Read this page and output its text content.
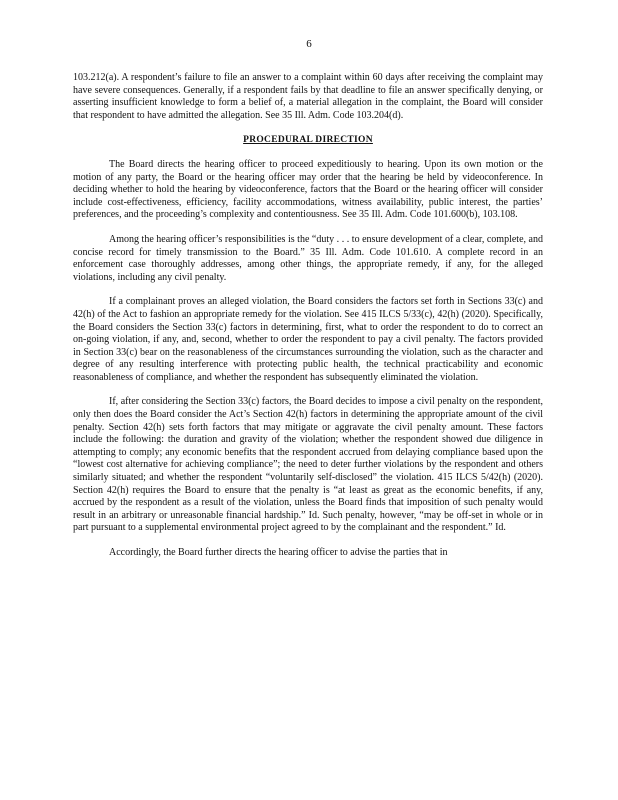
6

103.212(a). A respondent’s failure to file an answer to a complaint within 60 days after receiving the complaint may have severe consequences. Generally, if a respondent fails by that deadline to file an answer specifically denying, or asserting insufficient knowledge to form a belief of, a material allegation in the complaint, the Board will consider that respondent to have admitted the allegation. See 35 Ill. Adm. Code 103.204(d).

PROCEDURAL DIRECTION

The Board directs the hearing officer to proceed expeditiously to hearing. Upon its own motion or the motion of any party, the Board or the hearing officer may order that the hearing be held by videoconference. In deciding whether to hold the hearing by videoconference, factors that the Board or the hearing officer will consider include cost-effectiveness, efficiency, facility accommodations, witness availability, public interest, the parties’ preferences, and the proceeding’s complexity and contentiousness. See 35 Ill. Adm. Code 101.600(b), 103.108.

Among the hearing officer’s responsibilities is the “duty . . . to ensure development of a clear, complete, and concise record for timely transmission to the Board.” 35 Ill. Adm. Code 101.610. A complete record in an enforcement case thoroughly addresses, among other things, the appropriate remedy, if any, for the alleged violations, including any civil penalty.

If a complainant proves an alleged violation, the Board considers the factors set forth in Sections 33(c) and 42(h) of the Act to fashion an appropriate remedy for the violation. See 415 ILCS 5/33(c), 42(h) (2020). Specifically, the Board considers the Section 33(c) factors in determining, first, what to order the respondent to do to correct an on-going violation, if any, and, second, whether to order the respondent to pay a civil penalty. The factors provided in Section 33(c) bear on the reasonableness of the circumstances surrounding the violation, such as the character and degree of any resulting interference with protecting public health, the technical practicability and economic reasonableness of compliance, and whether the respondent has subsequently eliminated the violation.

If, after considering the Section 33(c) factors, the Board decides to impose a civil penalty on the respondent, only then does the Board consider the Act’s Section 42(h) factors in determining the appropriate amount of the civil penalty. Section 42(h) sets forth factors that may mitigate or aggravate the civil penalty amount. These factors include the following: the duration and gravity of the violation; whether the respondent showed due diligence in attempting to comply; any economic benefits that the respondent accrued from delaying compliance based upon the “lowest cost alternative for achieving compliance”; the need to deter further violations by the respondent and others similarly situated; and whether the respondent “voluntarily self-disclosed” the violation. 415 ILCS 5/42(h) (2020). Section 42(h) requires the Board to ensure that the penalty is “at least as great as the economic benefits, if any, accrued by the respondent as a result of the violation, unless the Board finds that imposition of such penalty would result in an arbitrary or unreasonable financial hardship.” Id. Such penalty, however, “may be off-set in whole or in part pursuant to a supplemental environmental project agreed to by the complainant and the respondent.” Id.

Accordingly, the Board further directs the hearing officer to advise the parties that in
